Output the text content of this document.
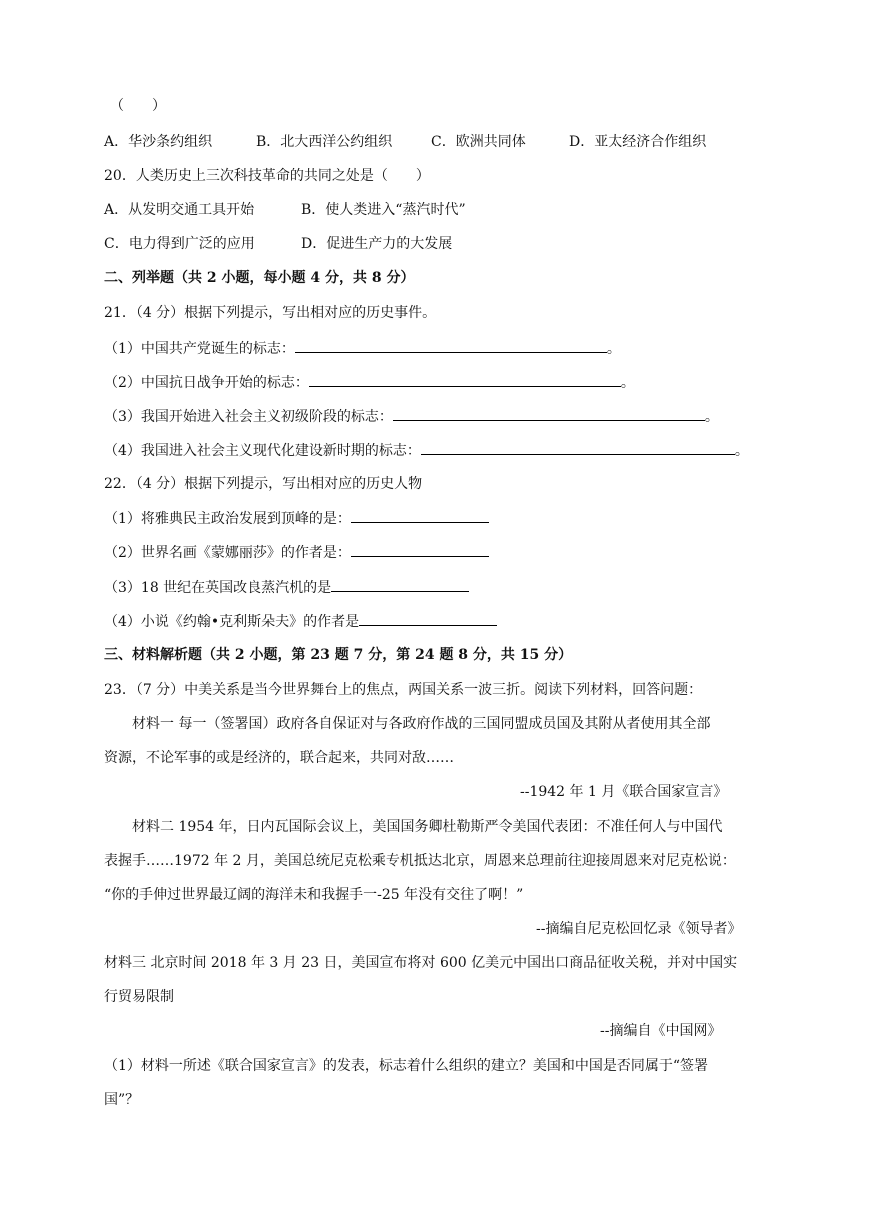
（　　）
A．华沙条约组织	B．北大西洋公约组织	C．欧洲共同体	D．亚太经济合作组织
20．人类历史上三次科技革命的共同之处是（　　）
A．从发明交通工具开始	B．使人类进入“蒸汽时代”
C．电力得到广泛的应用	D．促进生产力的大发展
二、列举题（共 2 小题，每小题 4 分，共 8 分）
21．（4 分）根据下列提示，写出相对应的历史事件。
（1）中国共产党诞生的标志：	。
（2）中国抗日战争开始的标志：	。
（3）我国开始进入社会主义初级阶段的标志：	。
（4）我国进入社会主义现代化建设新时期的标志：	。
22．（4 分）根据下列提示，写出相对应的历史人物
（1）将雅典民主政治发展到顶峰的是：
（2）世界名画《蒙娜丽莎》的作者是：
（3）18 世纪在英国改良蒸汽机的是
（4）小说《约翰•克利斯朵夫》的作者是
三、材料解析题（共 2 小题，第 23 题 7 分，第 24 题 8 分，共 15 分）
23．（7 分）中美关系是当今世界舞台上的焦点，两国关系一波三折。阅读下列材料，回答问题：
材料一 每一（签署国）政府各自保证对与各政府作战的三国同盟成员国及其附从者使用其全部
资源，不论军事的或是经济的，联合起来，共同对敌……
--1942 年 1 月《联合国家宣言》
材料二 1954 年，日内瓦国际会议上，美国国务卿杜勒斯严令美国代表团：不准任何人与中国代
表握手……1972 年 2 月，美国总统尼克松乘专机抵达北京，周恩来总理前往迎接周恩来对尼克松说：
“你的手伸过世界最辽阔的海洋未和我握手一-25 年没有交往了啊！”
--摘编自尼克松回忆录《领导者》
材料三 北京时间 2018 年 3 月 23 日，美国宣布将对 600 亿美元中国出口商品征收关税，并对中国实
行贸易限制
--摘编自《中国网》
（1）材料一所述《联合国家宣言》的发表，标志着什么组织的建立？美国和中国是否同属于“签署
国”？
